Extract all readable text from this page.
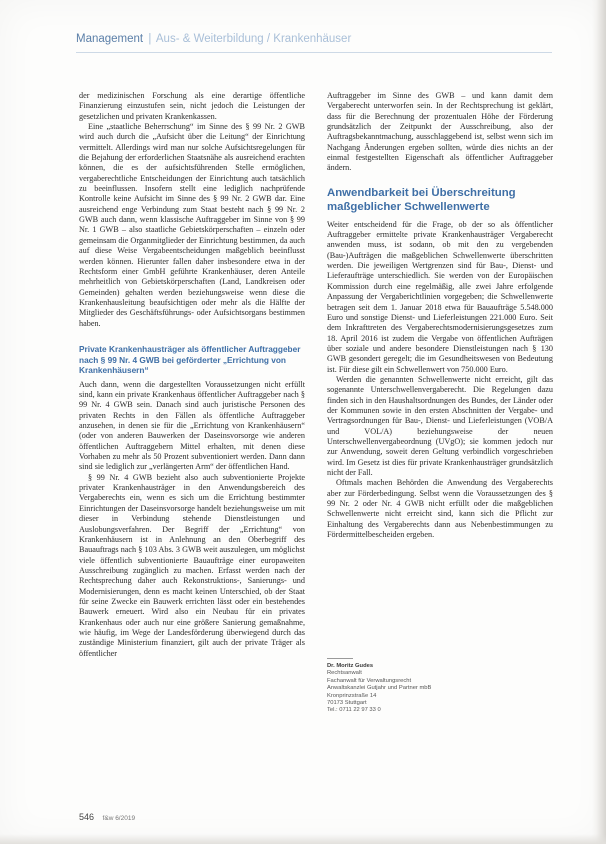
Management | Aus- & Weiterbildung / Krankenhäuser

der medizinischen Forschung als eine derartige öffentliche Finanzierung einzustufen sein, nicht jedoch die Leistungen der gesetzlichen und privaten Krankenkassen.

Eine „staatliche Beherrschung“ im Sinne des § 99 Nr. 2 GWB wird auch durch die „Aufsicht über die Leitung“ der Einrichtung vermittelt. Allerdings wird man nur solche Aufsichtsregelungen für die Bejahung der erforderlichen Staatsnähe als ausreichend erachten können, die es der aufsichtsführenden Stelle ermöglichen, vergaberechtliche Entscheidungen der Einrichtung auch tatsächlich zu beeinflussen. Insofern stellt eine lediglich nachprüfende Kontrolle keine Aufsicht im Sinne des § 99 Nr. 2 GWB dar. Eine ausreichend enge Verbindung zum Staat besteht nach § 99 Nr. 2 GWB auch dann, wenn klassische Auftraggeber im Sinne von § 99 Nr. 1 GWB – also staatliche Gebietskörperschaften – einzeln oder gemeinsam die Organmitglieder der Einrichtung bestimmen, da auch auf diese Weise Vergabeentscheidungen maßgeblich beeinflusst werden können. Hierunter fallen daher insbesondere etwa in der Rechtsform einer GmbH geführte Krankenhäuser, deren Anteile mehrheitlich von Gebietskörperschaften (Land, Landkreisen oder Gemeinden) gehalten werden beziehungsweise wenn diese die Krankenhausleitung beaufsichtigen oder mehr als die Hälfte der Mitglieder des Geschäftsführungs- oder Aufsichtsorgans bestimmen haben.

Private Krankenhausträger als öffentlicher Auftraggeber nach § 99 Nr. 4 GWB bei geförderter „Errichtung von Krankenhäusern“

Auch dann, wenn die dargestellten Voraussetzungen nicht erfüllt sind, kann ein private Krankenhaus öffentlicher Auftraggeber nach § 99 Nr. 4 GWB sein. Danach sind auch juristische Personen des privaten Rechts in den Fällen als öffentliche Auftraggeber anzusehen, in denen sie für die „Errichtung von Krankenhäusern“ (oder von anderen Bauwerken der Daseinsvorsorge wie anderen öffentlichen Auftraggebern Mittel erhalten, mit denen diese Vorhaben zu mehr als 50 Prozent subventioniert werden. Dann dann sind sie lediglich zur „verlängerten Arm“ der öffentlichen Hand.

§ 99 Nr. 4 GWB bezieht also auch subventionierte Projekte privater Krankenhausträger in den Anwendungsbereich des Vergaberechts ein, wenn es sich um die Errichtung bestimmter Einrichtungen der Daseinsvorsorge handelt beziehungsweise um mit dieser in Verbindung stehende Dienstleistungen und Auslobungsverfahren. Der Begriff der „Errichtung“ von Krankenhäusern ist in Anlehnung an den Oberbegriff des Bauauftrags nach § 103 Abs. 3 GWB weit auszulegen, um möglichst viele öffentlich subventionierte Bauaufträge einer europaweiten Ausschreibung zugänglich zu machen. Erfasst werden nach der Rechtsprechung daher auch Rekonstruktions-, Sanierungs- und Modernisierungen, denn es macht keinen Unterschied, ob der Staat für seine Zwecke ein Bauwerk errichten lässt oder ein bestehendes Bauwerk erneuert. Wird also ein Neubau für ein privates Krankenhaus oder auch nur eine größere Sanierung gemaßnahme, wie häufig, im Wege der Landesförderung überwiegend durch das zuständige Ministerium finanziert, gilt auch der private Träger als öffentlicher

Auftraggeber im Sinne des GWB – und kann damit dem Vergaberecht unterworfen sein. In der Rechtsprechung ist geklärt, dass für die Berechnung der prozentualen Höhe der Förderung grundsätzlich der Zeitpunkt der Ausschreibung, also der Auftragsbekanntmachung, ausschlaggebend ist, selbst wenn sich im Nachgang Änderungen ergeben sollten, würde dies nichts an der einmal festgestellten Eigenschaft als öffentlicher Auftraggeber ändern.

Anwendbarkeit bei Überschreitung maßgeblicher Schwellenwerte

Weiter entscheidend für die Frage, ob der so als öffentlicher Auftraggeber ermittelte private Krankenhausträger Vergaberecht anwenden muss, ist sodann, ob mit den zu vergebenden (Bau-)Aufträgen die maßgeblichen Schwellenwerte überschritten werden. Die jeweiligen Wertgrenzen sind für Bau-, Dienst- und Lieferaufträge unterschiedlich. Sie werden von der Europäischen Kommission durch eine regelmäßig, alle zwei Jahre erfolgende Anpassung der Vergaberichtlinien vorgegeben; die Schwellenwerte betragen seit dem 1. Januar 2018 etwa für Bauaufträge 5.548.000 Euro und sonstige Dienst- und Lieferleistungen 221.000 Euro. Seit dem Inkrafttreten des Vergaberechtsmodernisierungsgesetzes zum 18. April 2016 ist zudem die Vergabe von öffentlichen Aufträgen über soziale und andere besondere Dienstleistungen nach § 130 GWB gesondert geregelt; die im Gesundheitswesen von Bedeutung ist. Für diese gilt ein Schwellenwert von 750.000 Euro.

Werden die genannten Schwellenwerte nicht erreicht, gilt das sogenannte Unterschwellenvergaberecht. Die Regelungen dazu finden sich in den Haushaltsordnungen des Bundes, der Länder oder der Kommunen sowie in den ersten Abschnitten der Vergabe- und Vertragsordnungen für Bau-, Dienst- und Lieferleistungen (VOB/A und VOL/A) beziehungsweise der neuen Unterschwellenvergabeordnung (UVgO); sie kommen jedoch nur zur Anwendung, soweit deren Geltung verbindlich vorgeschrieben wird. Im Gesetz ist dies für private Krankenhausträger grundsätzlich nicht der Fall.

Oftmals machen Behörden die Anwendung des Vergaberechts aber zur Förderbedingung. Selbst wenn die Voraussetzungen des § 99 Nr. 2 oder Nr. 4 GWB nicht erfüllt oder die maßgeblichen Schwellenwerte nicht erreicht sind, kann sich die Pflicht zur Einhaltung des Vergaberechts dann aus Nebenbestimmungen zu Fördermittelbescheiden ergeben.

Dr. Moritz Gudes
Rechtsanwalt
Fachanwalt für Verwaltungsrecht
Anwaltskanzlei Gutjahr und Partner mbB
Kronprinzstraße 14
70173 Stuttgart
Tel.: 0711 22 97 33 0
546 f&w 6/2019
